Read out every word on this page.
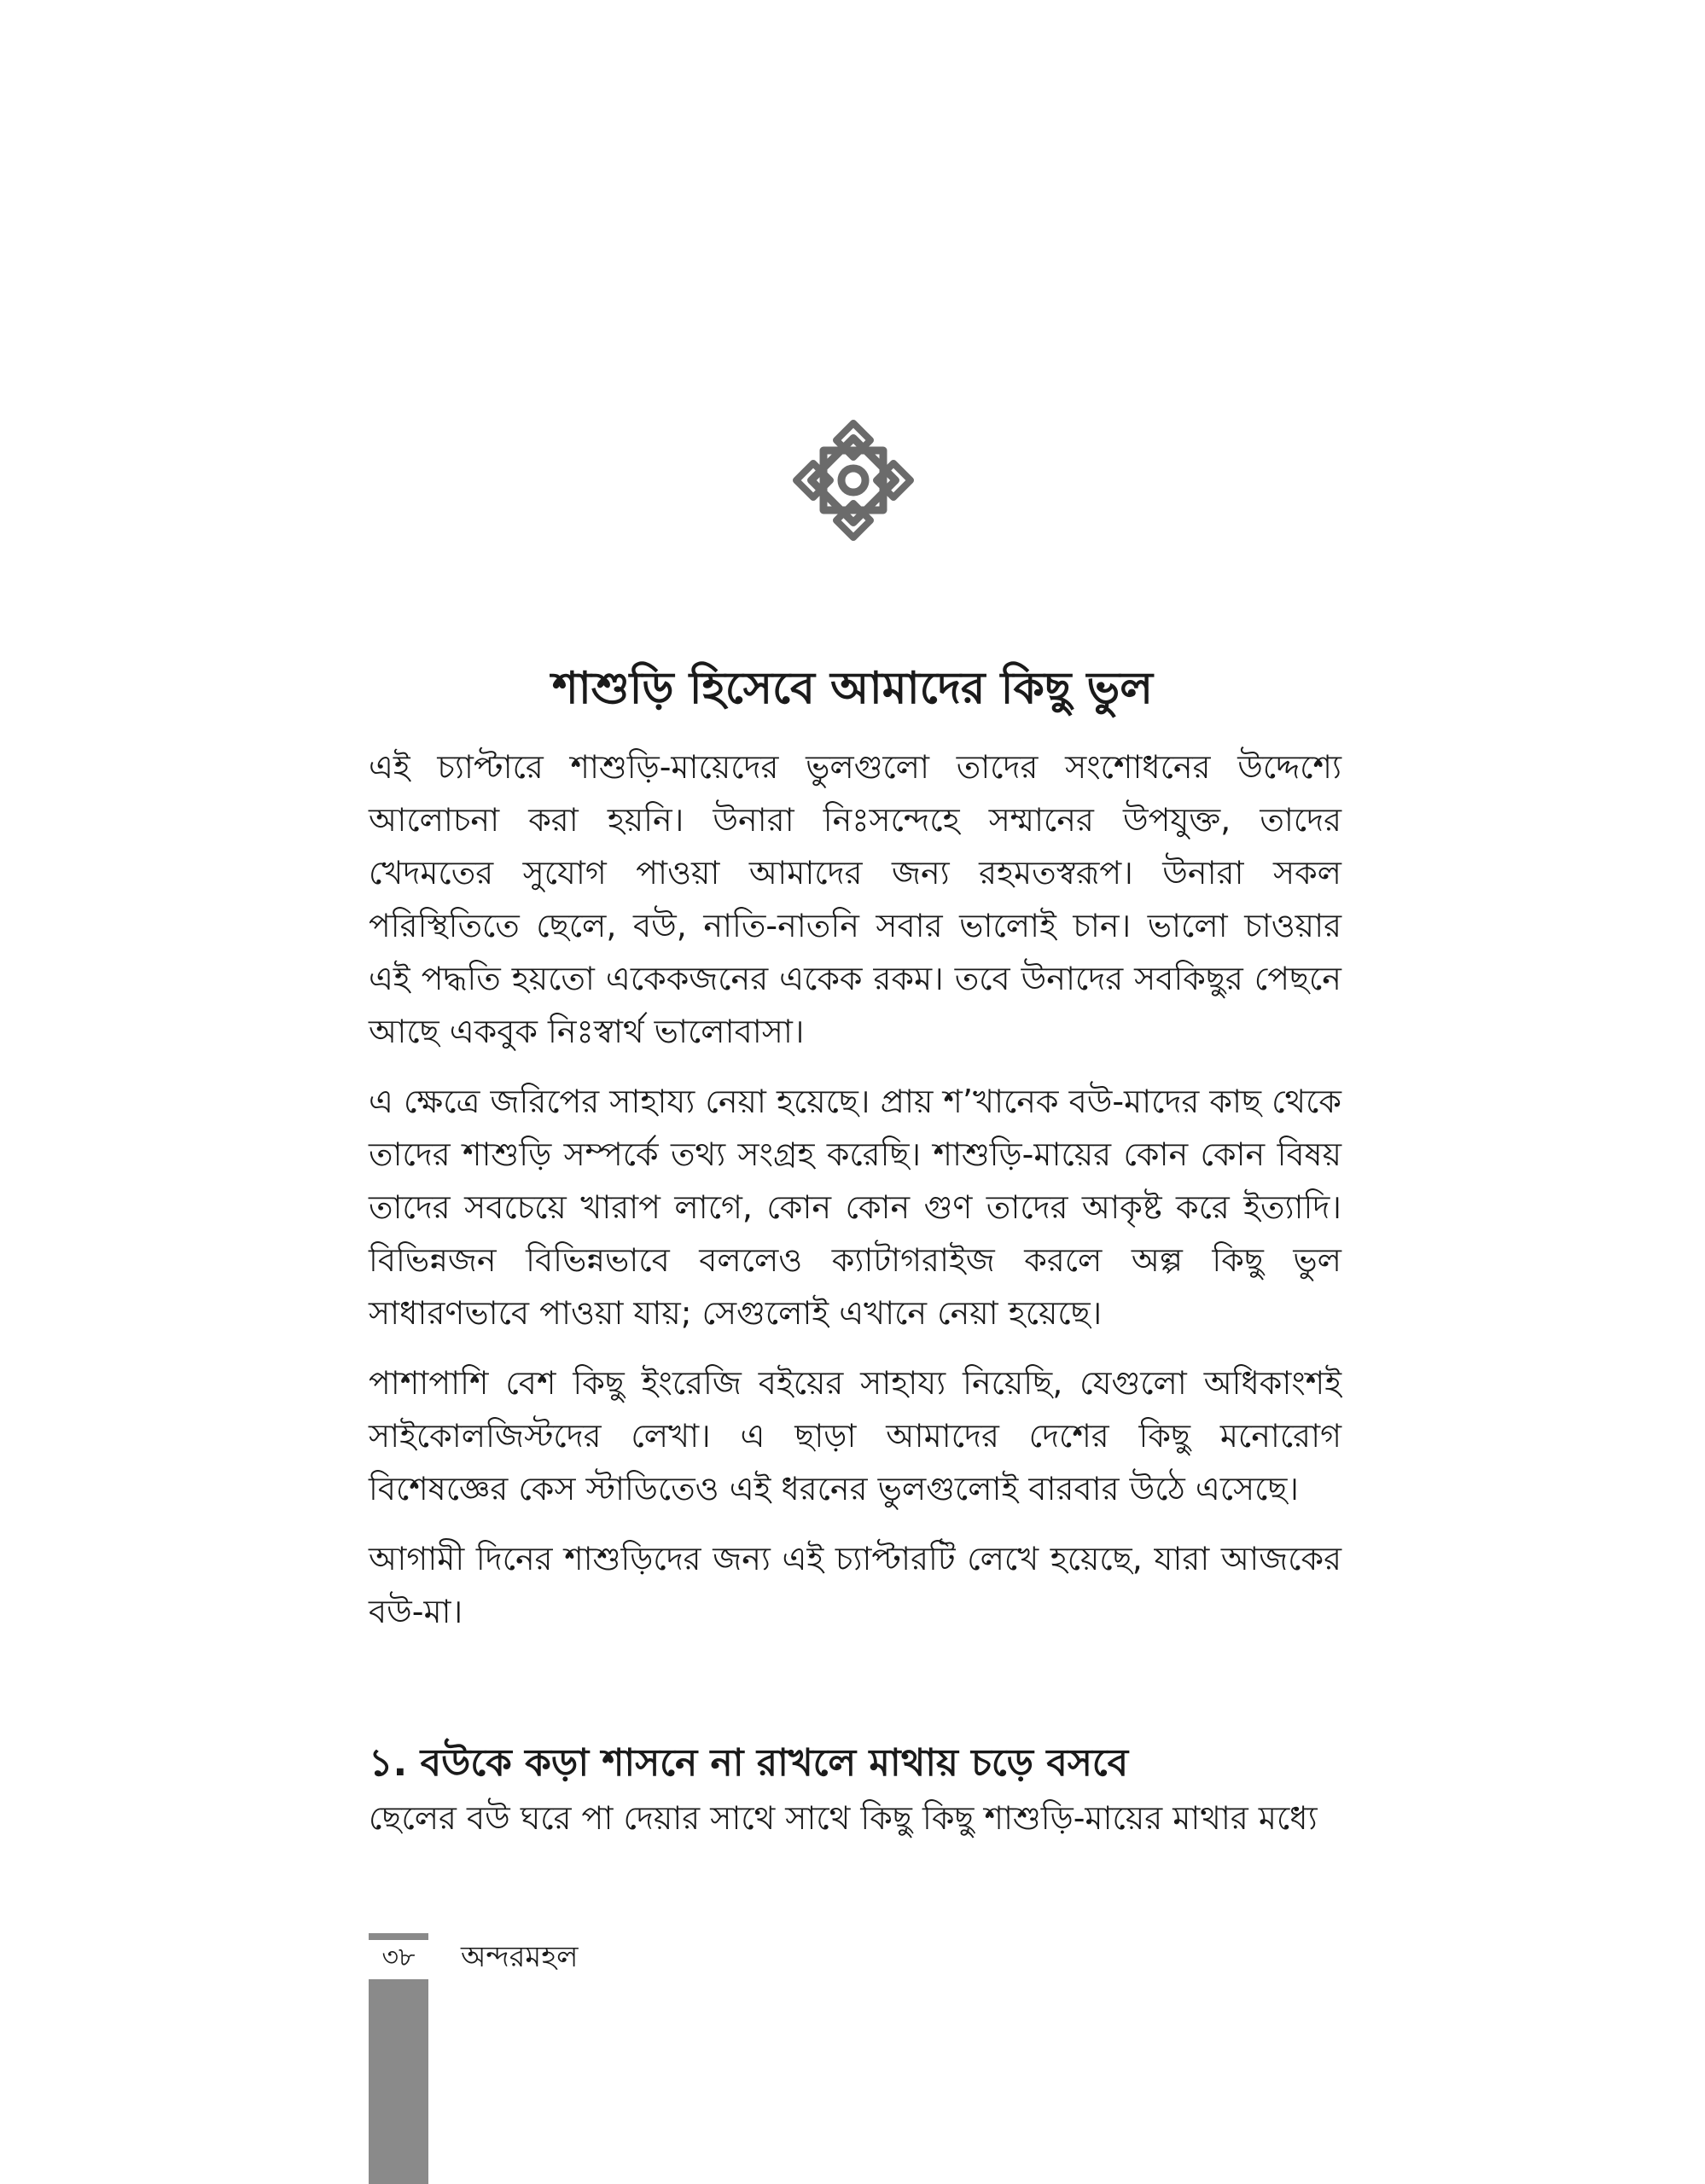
শাশুড়ি হিসেবে আমাদের কিছু ভুল

এই চ্যাপ্টারে শাশুড়ি-মায়েদের ভুলগুলো তাদের সংশোধনের উদ্দেশ্যে আলোচনা করা হয়নি। উনারা নিঃসন্দেহে সম্মানের উপযুক্ত, তাদের খেদমতের সুযোগ পাওয়া আমাদের জন্য রহমতস্বরূপ। উনারা সকল পরিস্থিতিতে ছেলে, বউ, নাতি-নাতনি সবার ভালোই চান। ভালো চাওয়ার এই পদ্ধতি হয়তো একেকজনের একেক রকম। তবে উনাদের সবকিছুর পেছনে আছে একবুক নিঃস্বার্থ ভালোবাসা।

এ ক্ষেত্রে জরিপের সাহায্য নেয়া হয়েছে। প্রায় শ’খানেক বউ-মাদের কাছ থেকে তাদের শাশুড়ি সম্পর্কে তথ্য সংগ্রহ করেছি। শাশুড়ি-মায়ের কোন কোন বিষয় তাদের সবচেয়ে খারাপ লাগে, কোন কোন গুণ তাদের আকৃষ্ট করে ইত্যাদি। বিভিন্নজন বিভিন্নভাবে বললেও ক্যাটাগরাইজ করলে অল্প কিছু ভুল সাধারণভাবে পাওয়া যায়; সেগুলোই এখানে নেয়া হয়েছে।

পাশাপাশি বেশ কিছু ইংরেজি বইয়ের সাহায্য নিয়েছি, যেগুলো অধিকাংশই সাইকোলজিস্টদের লেখা। এ ছাড়া আমাদের দেশের কিছু মনোরোগ বিশেষজ্ঞের কেস স্টাডিতেও এই ধরনের ভুলগুলোই বারবার উঠে এসেছে।

আগামী দিনের শাশুড়িদের জন্য এই চ্যাপ্টারটি লেখে হয়েছে, যারা আজকের বউ-মা।

১. বউকে কড়া শাসনে না রাখলে মাথায় চড়ে বসবে

ছেলের বউ ঘরে পা দেয়ার সাথে সাথে কিছু কিছু শাশুড়ি-মায়ের মাথার মধ্যে

৩৮	অন্দরমহল
